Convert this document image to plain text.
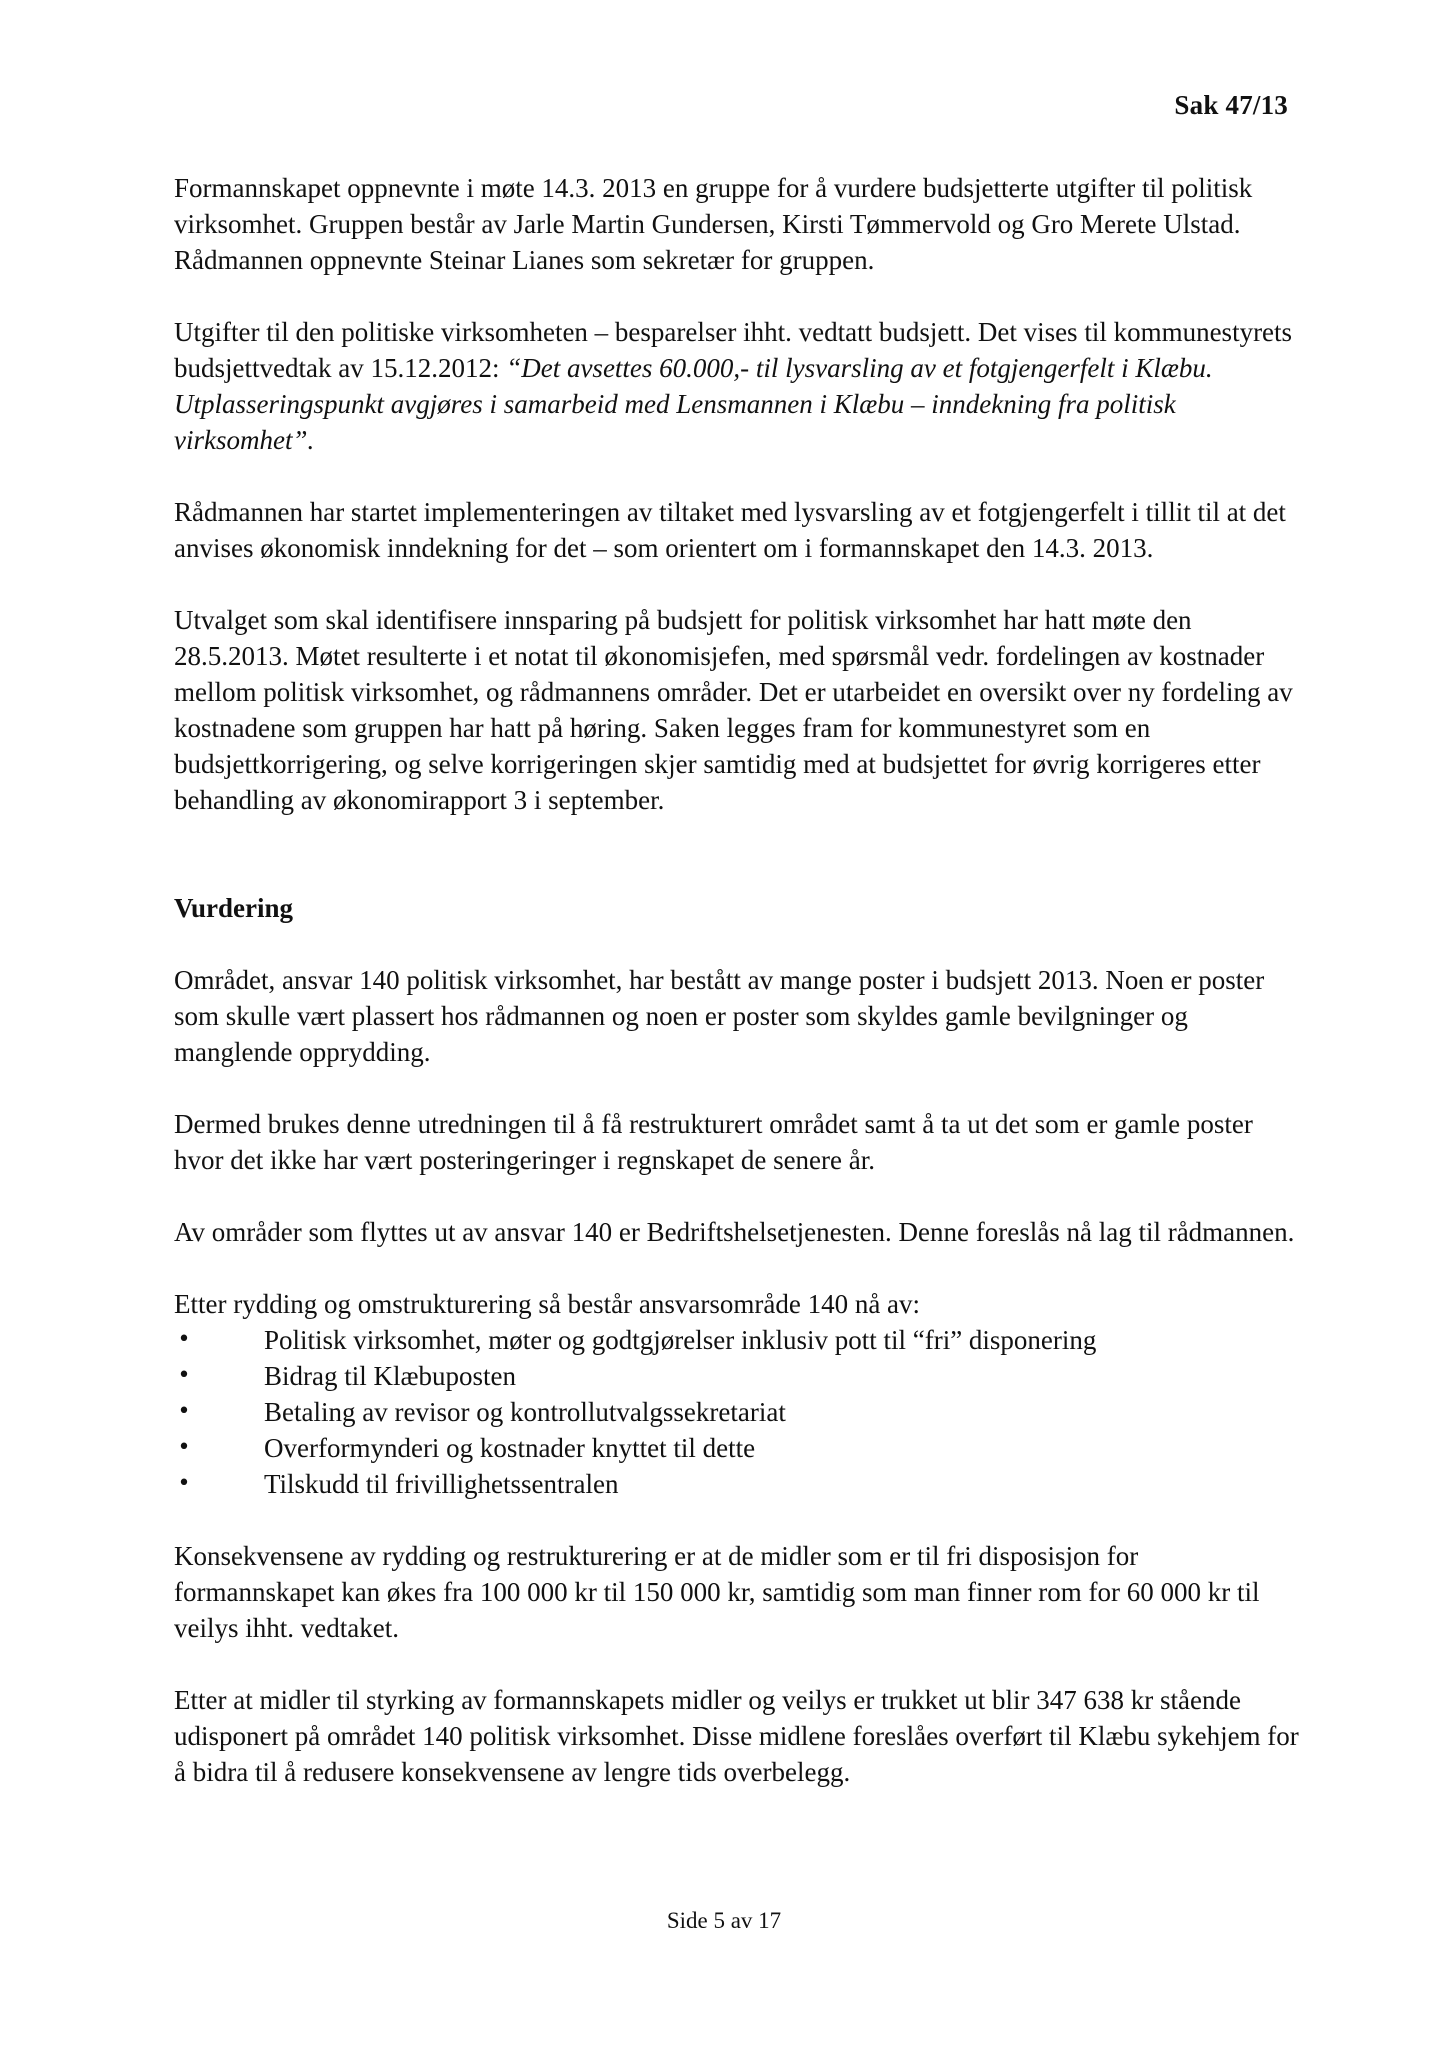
Sak 47/13

Formannskapet oppnevnte i møte 14.3. 2013 en gruppe for å vurdere budsjetterte utgifter til politisk virksomhet. Gruppen består av Jarle Martin Gundersen, Kirsti Tømmervold og Gro Merete Ulstad. Rådmannen oppnevnte Steinar Lianes som sekretær for gruppen.

Utgifter til den politiske virksomheten – besparelser ihht. vedtatt budsjett. Det vises til kommunestyrets budsjettvedtak av 15.12.2012: “Det avsettes 60.000,- til lysvarsling av et fotgjengerfelt i Klæbu. Utplasseringspunkt avgjøres i samarbeid med Lensmannen i Klæbu – inndekning fra politisk virksomhet”.

Rådmannen har startet implementeringen av tiltaket med lysvarsling av et fotgjengerfelt i tillit til at det anvises økonomisk inndekning for det – som orientert om i formannskapet den 14.3. 2013.

Utvalget som skal identifisere innsparing på budsjett for politisk virksomhet har hatt møte den 28.5.2013. Møtet resulterte i et notat til økonomisjefen, med spørsmål vedr. fordelingen av kostnader mellom politisk virksomhet, og rådmannens områder. Det er utarbeidet en oversikt over ny fordeling av kostnadene som gruppen har hatt på høring. Saken legges fram for kommunestyret som en budsjettkorrigering, og selve korrigeringen skjer samtidig med at budsjettet for øvrig korrigeres etter behandling av økonomirapport 3 i september.

Vurdering

Området, ansvar 140 politisk virksomhet, har bestått av mange poster i budsjett 2013. Noen er poster som skulle vært plassert hos rådmannen og noen er poster som skyldes gamle bevilgninger og manglende opprydding.

Dermed brukes denne utredningen til å få restrukturert området samt å ta ut det som er gamle poster hvor det ikke har vært posteringeringer i regnskapet de senere år.

Av områder som flyttes ut av ansvar 140 er Bedriftshelsetjenesten. Denne foreslås nå lag til rådmannen.

Etter rydding og omstrukturering så består ansvarsområde 140 nå av:

•	Politisk virksomhet, møter og godtgjørelser inklusiv pott til “fri” disponering
•	Bidrag til Klæbuposten
•	Betaling av revisor og kontrollutvalgssekretariat
•	Overformynderi og kostnader knyttet til dette
•	Tilskudd til frivillighetssentralen

Konsekvensene av rydding og restrukturering er at de midler som er til fri disposisjon for formannskapet kan økes fra 100 000 kr til 150 000 kr, samtidig som man finner rom for 60 000 kr til veilys ihht. vedtaket.

Etter at midler til styrking av formannskapets midler og veilys er trukket ut blir 347 638 kr stående udisponert på området 140 politisk virksomhet. Disse midlene foreslåes overført til Klæbu sykehjem for å bidra til å redusere konsekvensene av lengre tids overbelegg.

Side 5 av 17
